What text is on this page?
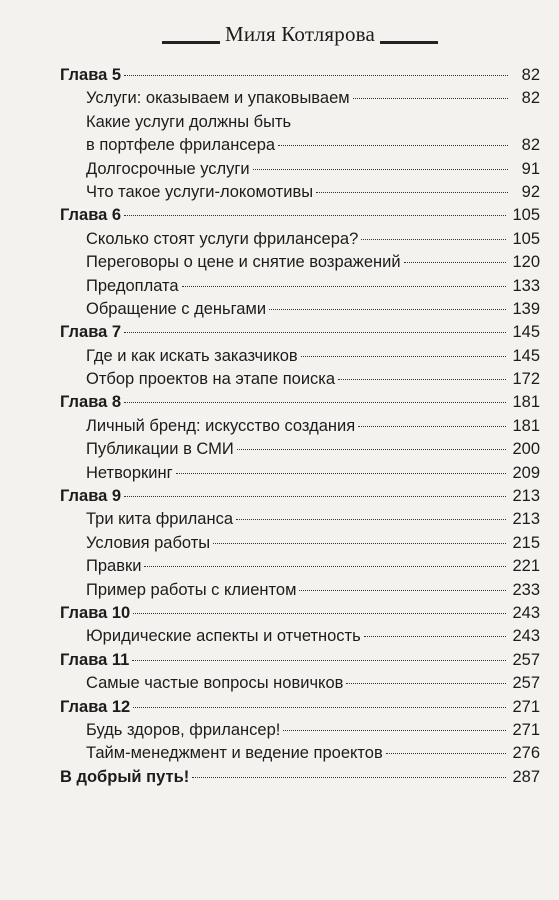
Миля Котлярова
Глава 5	82
Услуги: оказываем и упаковываем	82
Какие услуги должны быть
в портфеле фрилансера	82
Долгосрочные услуги	91
Что такое услуги-локомотивы	92
Глава 6	105
Сколько стоят услуги фрилансера?	105
Переговоры о цене и снятие возражений	120
Предоплата	133
Обращение с деньгами	139
Глава 7	145
Где и как искать заказчиков	145
Отбор проектов на этапе поиска	172
Глава 8	181
Личный бренд: искусство создания	181
Публикации в СМИ	200
Нетворкинг	209
Глава 9	213
Три кита фриланса	213
Условия работы	215
Правки	221
Пример работы с клиентом	233
Глава 10	243
Юридические аспекты и отчетность	243
Глава 11	257
Самые частые вопросы новичков	257
Глава 12	271
Будь здоров, фрилансер!	271
Тайм-менеджмент и ведение проектов	276
В добрый путь!	287
